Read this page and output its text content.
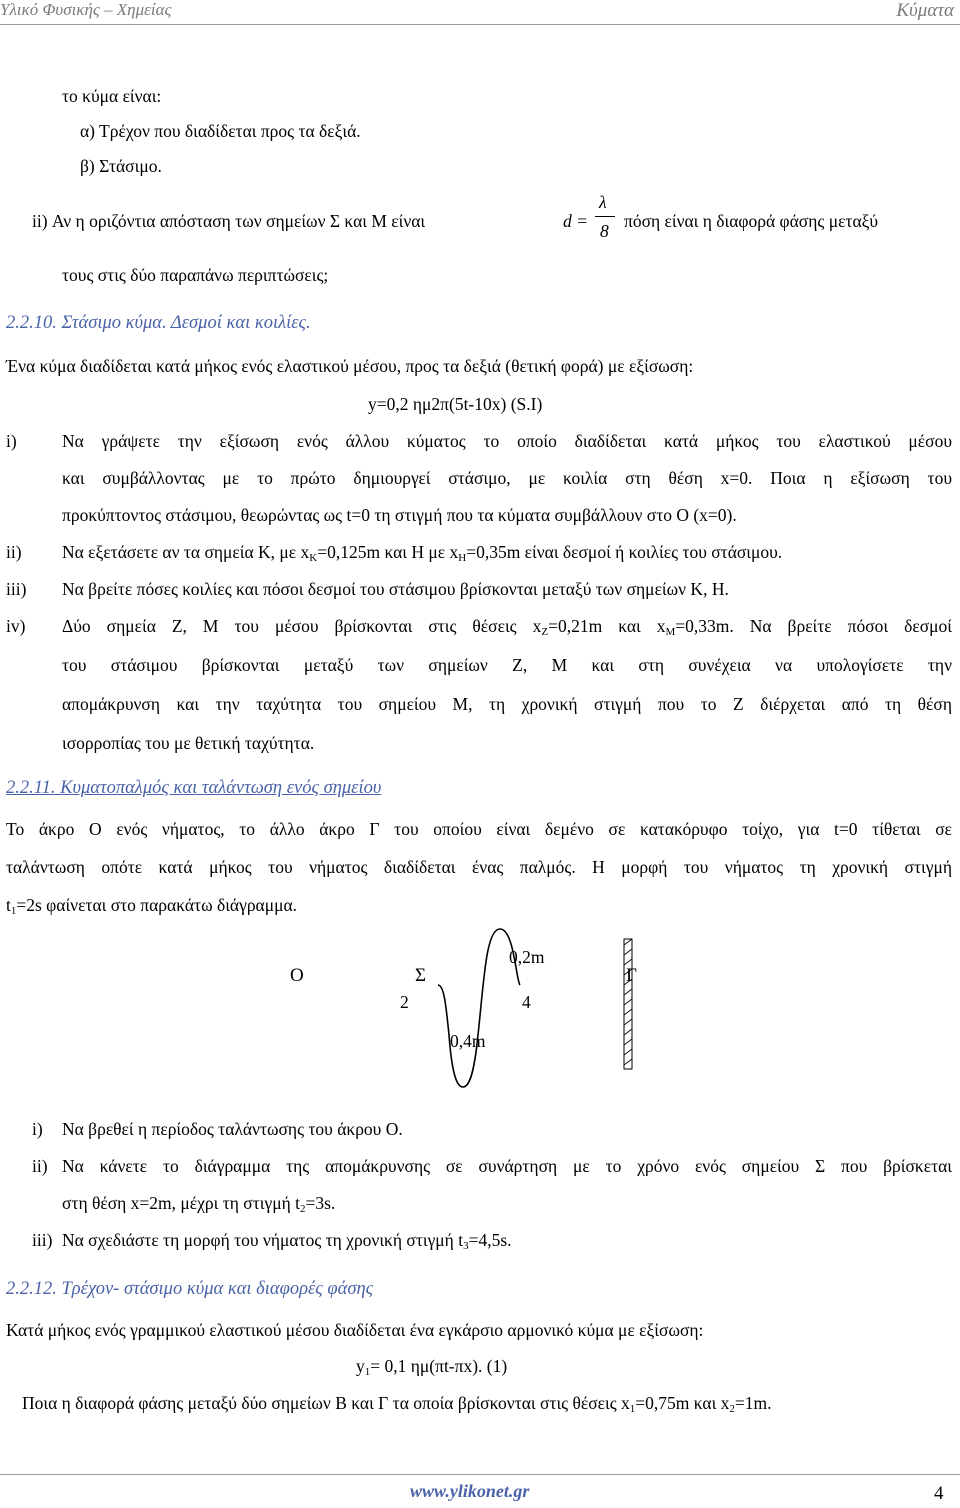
Υλικό Φυσικής – Χημείας	Κύματα
το κύμα είναι:
α) Τρέχον που διαδίδεται προς τα δεξιά.
β) Στάσιμο.
ii) Αν η οριζόντια απόσταση των σημείων Σ και Μ είναι	d =
λ
8 πόση είναι η διαφορά φάσης μεταξύ
τους στις δύο παραπάνω περιπτώσεις;
2.2.10. Στάσιμο κύμα. Δεσμοί και κοιλίες.
Ένα κύμα διαδίδεται κατά μήκος ενός ελαστικού μέσου, προς τα δεξιά (θετική φορά) με εξίσωση:
y=0,2 ημ2π(5t-10x) (S.I)
i)	Να γράψετε την εξίσωση ενός άλλου κύματος το οποίο διαδίδεται κατά μήκος του ελαστικού μέσου
και συμβάλλοντας με το πρώτο δημιουργεί στάσιμο, με κοιλία στη θέση x=0. Ποια η εξίσωση του
προκύπτοντος στάσιμου, θεωρώντας ως t=0 τη στιγμή που τα κύματα συμβάλλουν στο Ο (x=0).
ii) Να εξετάσετε αν τα σημεία Κ, με $x_K=0,125m$ και Η με $x_H=0,35m$ είναι δεσμοί ή κοιλίες του στάσιμου.
iii) Να βρείτε πόσες κοιλίες και πόσοι δεσμοί του στάσιμου βρίσκονται μεταξύ των σημείων Κ, Η.
iv) Δύο σημεία Ζ, Μ του μέσου βρίσκονται στις θέσεις $x_Z=0,21m$ και $x_M=0,33m$. Να βρείτε πόσοι δεσμοί
του στάσιμου βρίσκονται μεταξύ των σημείων Ζ, Μ και στη συνέχεια να υπολογίσετε την
απομάκρυνση και την ταχύτητα του σημείου Μ, τη χρονική στιγμή που το Ζ διέρχεται από τη θέση
ισορροπίας του με θετική ταχύτητα.
2.2.11. Κυματοπαλμός και ταλάντωση ενός σημείου
Το άκρο Ο ενός νήματος, το άλλο άκρο Γ του οποίου είναι δεμένο σε κατακόρυφο τοίχο, για t=0 τίθεται σε
ταλάντωση οπότε κατά μήκος του νήματος διαδίδεται ένας παλμός. Η μορφή του νήματος τη χρονική στιγμή
$t_1=2s$ φαίνεται στο παρακάτω διάγραμμα.
Ο	Σ	Γ
2	4
0,2m
0,4m
i) Να βρεθεί η περίοδος ταλάντωσης του άκρου Ο.
ii) Να κάνετε το διάγραμμα της απομάκρυνσης σε συνάρτηση με το χρόνο ενός σημείου Σ που βρίσκεται
στη θέση x=2m, μέχρι τη στιγμή $t_2=3s$.
iii) Να σχεδιάστε τη μορφή του νήματος τη χρονική στιγμή $t_3=4,5s$.
2.2.12. Τρέχον- στάσιμο κύμα και διαφορές φάσης
Κατά μήκος ενός γραμμικού ελαστικού μέσου διαδίδεται ένα εγκάρσιο αρμονικό κύμα με εξίσωση:
$y_1= 0,1$ ημ(πt-πx). (1)
Ποια η διαφορά φάσης μεταξύ δύο σημείων Β και Γ τα οποία βρίσκονται στις θέσεις $x_1=0,75m$ και $x_2=1m$.
www.ylikonet.gr	4
